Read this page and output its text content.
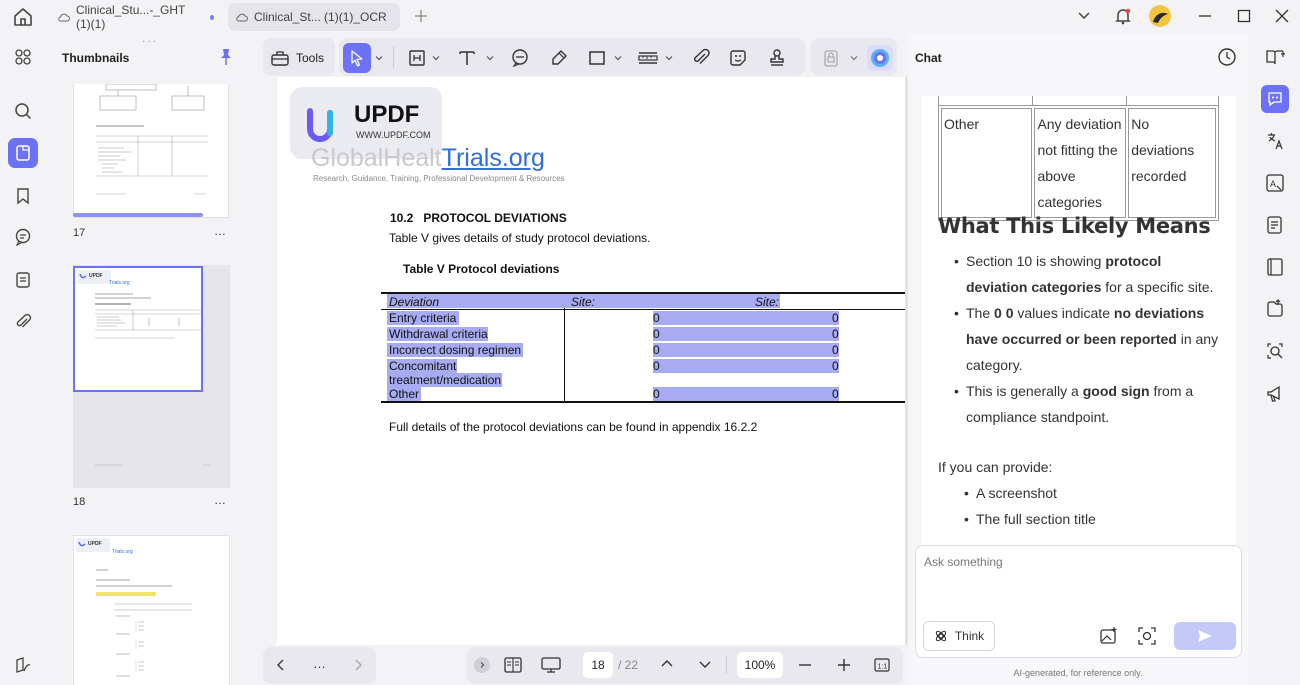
Clinical_Stu...-_GHT (1)(1)	Clinical_St... (1)(1)_OCR
···
Thumbnails
17	…
UPDF
Trials.org
18	…
UPDF
Trials.org
Tools
UPDF
WWW.UPDF.COM
GlobalHealtTrials.org
Research, Guidance, Training, Professional Development & Resources
10.2   PROTOCOL DEVIATIONS
Table V gives details of study protocol deviations.
Table V Protocol deviations
Deviation	Site:	Site:
Entry criteria	0	0
Withdrawal criteria	0	0
Incorrect dosing regimen	0	0
Concomitant
treatment/medication
0	0
Other	0	0
Full details of the protocol deviations can be found in appendix 16.2.2
…	18 / 22	100%	1:1
Chat
Other	Any deviation not fitting the above categories	No deviations recorded
What This Likely Means
• Section 10 is showing protocol deviation categories for a specific site.
• The 0 0 values indicate no deviations have occurred or been reported in any category.
• This is generally a good sign from a compliance standpoint.
If you can provide:
• A screenshot
• The full section title
Ask something
Think
AI-generated, for reference only.
A
